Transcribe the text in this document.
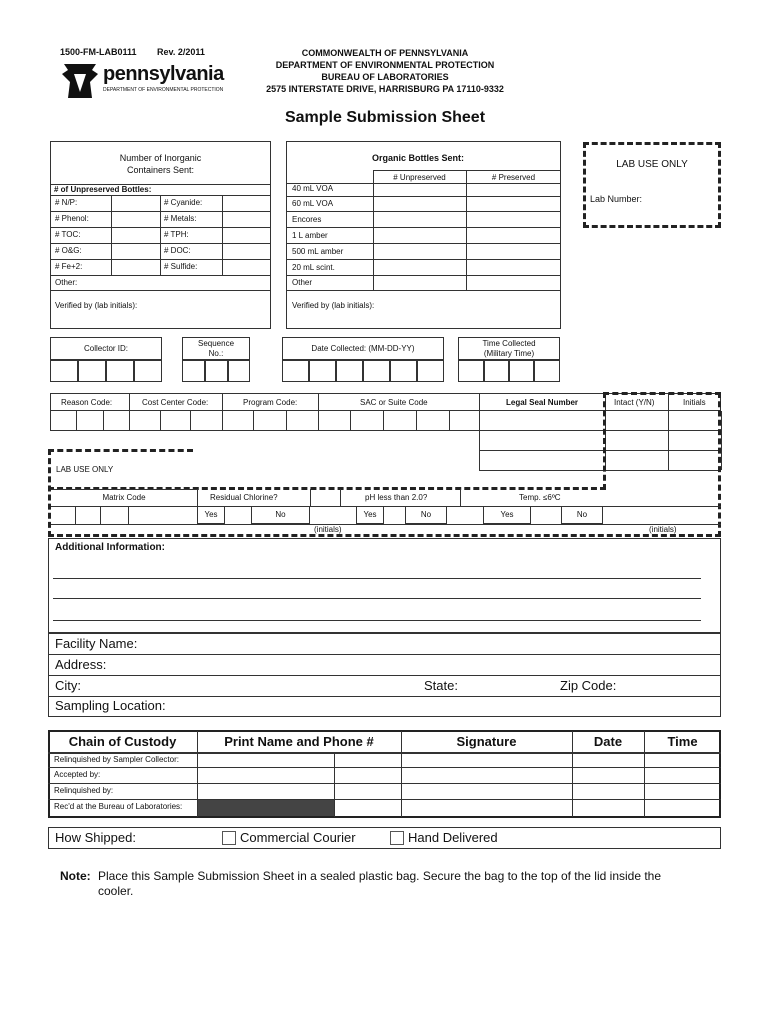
1500-FM-LAB0111 Rev. 2/2011
pennsylvania
DEPARTMENT OF ENVIRONMENTAL PROTECTION
COMMONWEALTH OF PENNSYLVANIA
DEPARTMENT OF ENVIRONMENTAL PROTECTION
BUREAU OF LABORATORIES
2575 INTERSTATE DRIVE, HARRISBURG PA 17110-9332
Sample Submission Sheet
Number of Inorganic
Containers Sent:
# of Unpreserved Bottles:
# N/P:	# Cyanide:
# Phenol:	# Metals:
# TOC:	# TPH:
# O&G:	# DOC:
# Fe+2:	# Sulfide:
Other:
Verified by (lab initials):
Organic Bottles Sent:
# Unpreserved	# Preserved
40 mL VOA
60 mL VOA
Encores
1 L amber
500 mL amber
20 mL scint.
Other
Verified by (lab initials):
LAB USE ONLY
Lab Number:
Collector ID:
Sequence
No.:
Date Collected: (MM-DD-YY)
Time Collected
(Military Time)
Reason Code:	Cost Center Code:	Program Code:	SAC or Suite Code	Legal Seal Number	Intact (Y/N)	Initials
LAB USE ONLY
Matrix Code	Residual Chlorine?	pH less than 2.0?	Temp. ≤6ºC
Yes	No	Yes	No	Yes	No
(initials)	(initials)
Additional Information:
Facility Name:
Address:
City:	State:	Zip Code:
Sampling Location:
Chain of Custody	Print Name and Phone #	Signature	Date	Time
Relinquished by Sampler Collector:
Accepted by:
Relinquished by:
Rec'd at the Bureau of Laboratories:
How Shipped:	Commercial Courier	Hand Delivered
Note: Place this Sample Submission Sheet in a sealed plastic bag. Secure the bag to the top of the lid inside the
cooler.
